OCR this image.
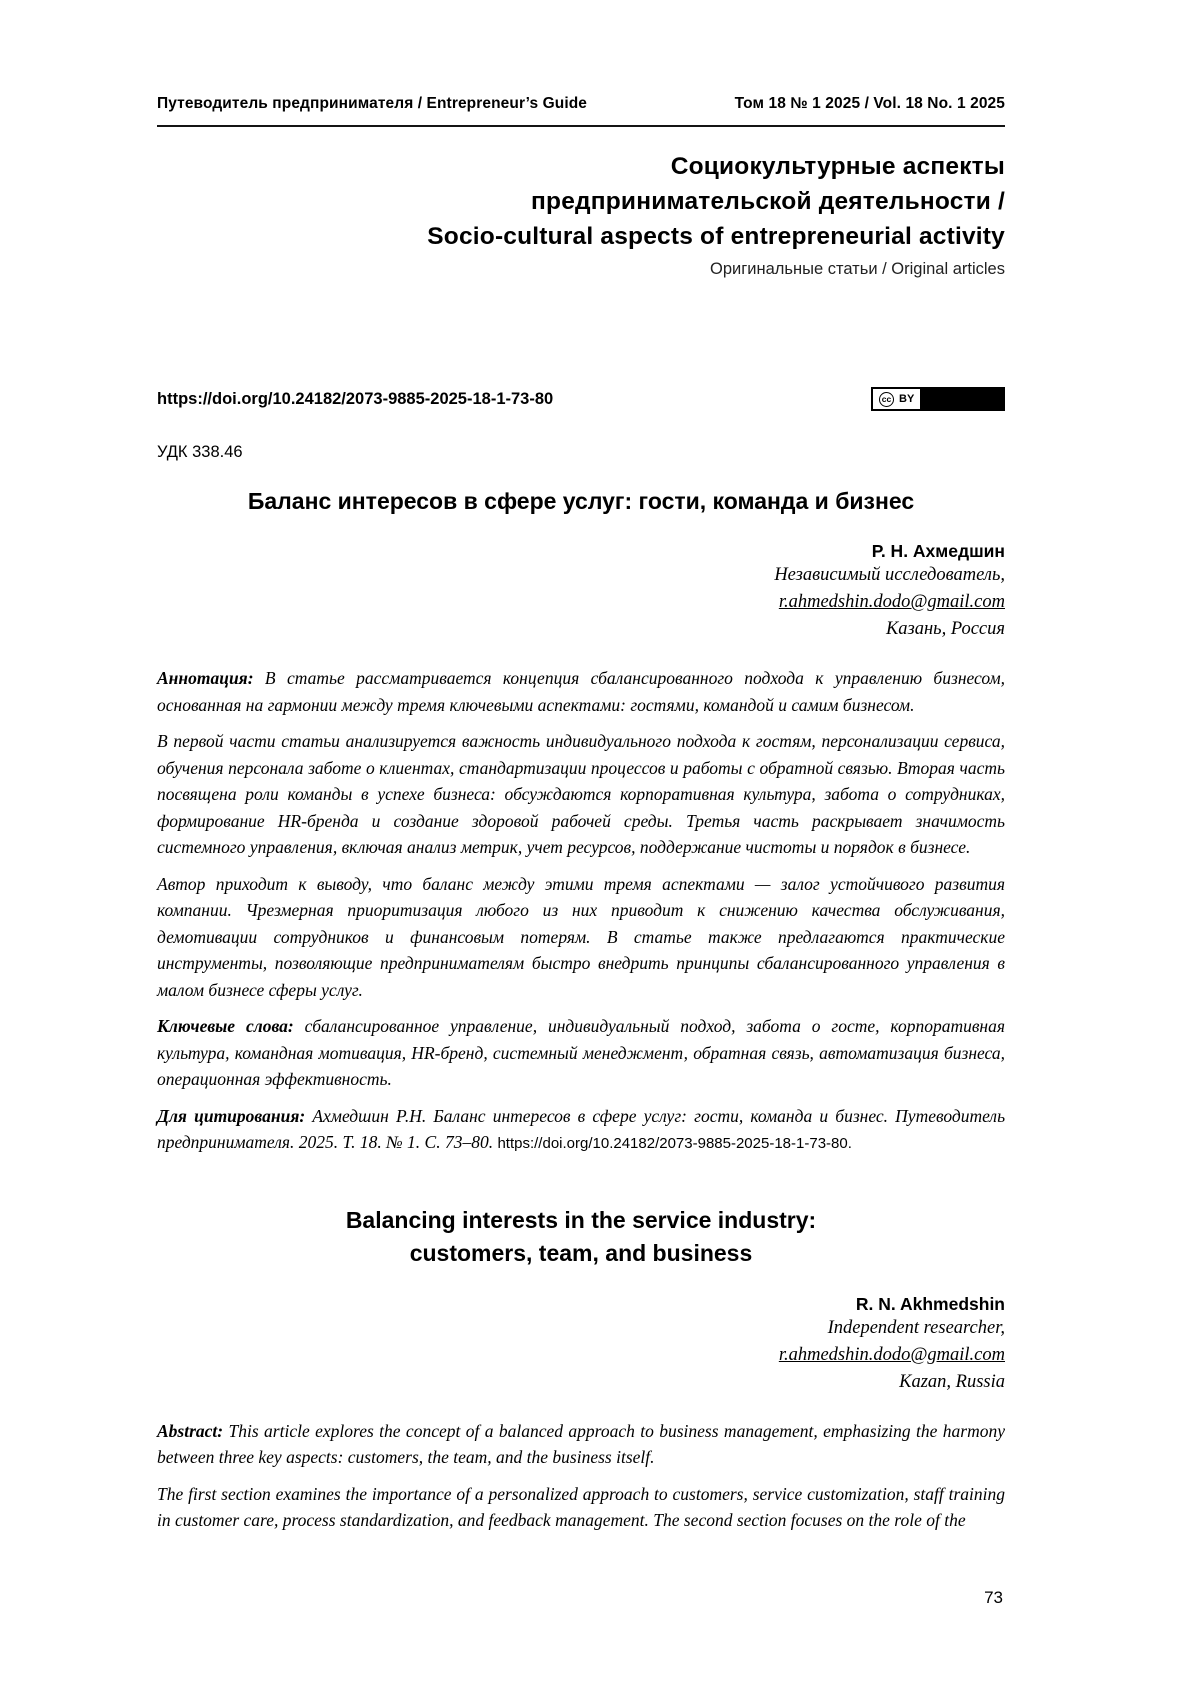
Путеводитель предпринимателя / Entrepreneur’s Guide	Том 18 № 1 2025 / Vol. 18 No. 1 2025
Социокультурные аспекты
предпринимательской деятельности /
Socio-cultural aspects of entrepreneurial activity
Оригинальные статьи / Original articles
https://doi.org/10.24182/2073-9885-2025-18-1-73-80	cc BY
УДК 338.46
Баланс интересов в сфере услуг: гости, команда и бизнес
Р. Н. Ахмедшин
Независимый исследователь,
r.ahmedshin.dodo@gmail.com
Казань, Россия

Аннотация: В статье рассматривается концепция сбалансированного подхода к управлению бизнесом, основанная на гармонии между тремя ключевыми аспектами: гостями, командой и самим бизнесом.

В первой части статьи анализируется важность индивидуального подхода к гостям, персонализации сервиса, обучения персонала заботе о клиентах, стандартизации процессов и работы с обратной связью. Вторая часть посвящена роли команды в успехе бизнеса: обсуждаются корпоративная культура, забота о сотрудниках, формирование HR-бренда и создание здоровой рабочей среды. Третья часть раскрывает значимость системного управления, включая анализ метрик, учет ресурсов, поддержание чистоты и порядок в бизнесе.

Автор приходит к выводу, что баланс между этими тремя аспектами — залог устойчивого развития компании. Чрезмерная приоритизация любого из них приводит к снижению качества обслуживания, демотивации сотрудников и финансовым потерям. В статье также предлагаются практические инструменты, позволяющие предпринимателям быстро внедрить принципы сбалансированного управления в малом бизнесе сферы услуг.

Ключевые слова: сбалансированное управление, индивидуальный подход, забота о госте, корпоративная культура, командная мотивация, HR-бренд, системный менеджмент, обратная связь, автоматизация бизнеса, операционная эффективность.

Для цитирования: Ахмедшин Р.Н. Баланс интересов в сфере услуг: гости, команда и бизнес. Путеводитель предпринимателя. 2025. Т. 18. № 1. С. 73–80. https://doi.org/10.24182/2073-9885-2025-18-1-73-80.

Balancing interests in the service industry:
customers, team, and business
R. N. Akhmedshin
Independent researcher,
r.ahmedshin.dodo@gmail.com
Kazan, Russia

Abstract: This article explores the concept of a balanced approach to business management, emphasizing the harmony between three key aspects: customers, the team, and the business itself.

The first section examines the importance of a personalized approach to customers, service customization, staff training in customer care, process standardization, and feedback management. The second section focuses on the role of the

73
